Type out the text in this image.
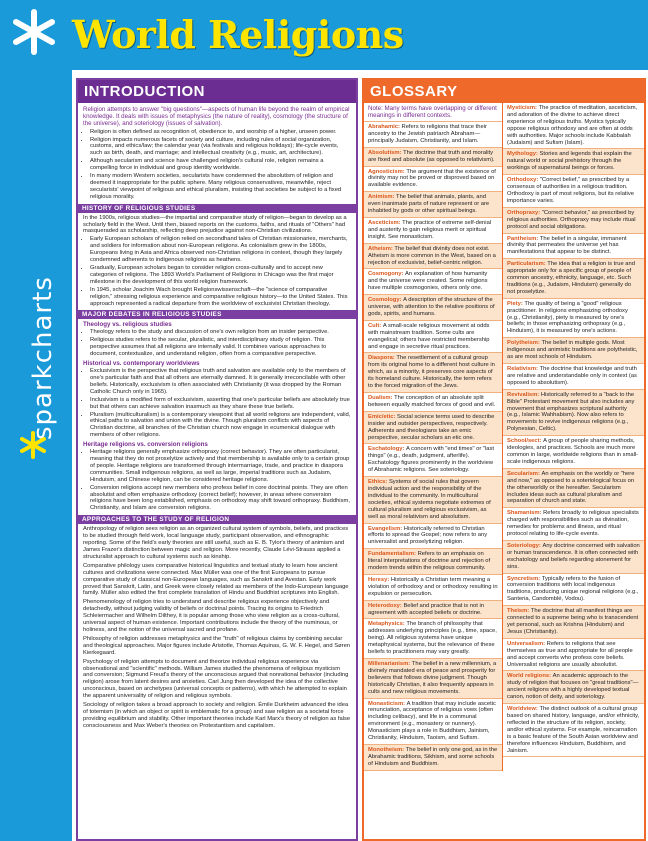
World Religions
sparkcharts
INTRODUCTION

Religion attempts to answer "big questions"—aspects of human life beyond the realm of empirical knowledge. It deals with issues of metaphysics (the nature of reality), cosmology (the structure of the universe), and soteriology (issues of salvation).

• Religion is often defined as recognition of, obedience to, and worship of a higher, unseen power.
• Religion impacts numerous facets of society and culture, including rules of social organization, customs, and ethics/law; the calendar year (via festivals and religious holidays); life-cycle events, such as birth, death, and marriage; and intellectual creativity (e.g., music, art, architecture).
• Although secularism and science have challenged religion's cultural role, religion remains a compelling force in individual and group identity worldwide.
• In many modern Western societies, secularists have condemned the absolutism of religion and deemed it inappropriate for the public sphere. Many religious conservatives, meanwhile, reject secularists' viewpoint of religious and ethical pluralism, insisting that societies be subject to a fixed religious morality.
HISTORY OF RELIGIOUS STUDIES

In the 1900s, religious studies—the impartial and comparative study of religion—began to develop as a scholarly field in the West. Until then, biased reports on the customs, faiths, and rituals of "Others" had masqueraded as scholarship, reflecting deep prejudice against non-Christian civilizations.

• Early European scholars of religion relied on secondhand tales of Christian missionaries, merchants, and soldiers for information about non-European religions. As colonialism grew in the 1800s, Europeans living in Asia and Africa observed non-Christian religions in context, though they largely condemned adherents to indigenous religions as heathens.
• Gradually, European scholars began to consider religion cross-culturally and to accept new categories of religions. The 1893 World's Parliament of Religions in Chicago was the first major milestone in the development of this world religion framework.
• In 1945, scholar Joachim Wach brought Religionswissenschaft—the "science of comparative religion," stressing religious experience and comparative religious history—to the United States. This approach represented a radical departure from the worldview of exclusivist Christian theology.
MAJOR DEBATES IN RELIGIOUS STUDIES
Theology vs. religious studies
• Theology refers to the study and discussion of one's own religion from an insider perspective.
• Religious studies refers to the secular, pluralistic, and interdisciplinary study of religion. This perspective assumes that all religions are internally valid. It combines various approaches to document, contextualize, and understand religion, often from a comparative perspective.
Historical vs. contemporary worldviews
• Exclusivism is the perspective that religious truth and salvation are available only to the members of one's particular faith and that all others are eternally damned. It is generally irreconcilable with other beliefs. Historically, exclusivism is often associated with Christianity (it was dropped by the Roman Catholic Church only in 1965).
• Inclusivism is a modified form of exclusivism, asserting that one's particular beliefs are absolutely true but that others can achieve salvation inasmuch as they share these true beliefs.
• Pluralism (multiculturalism) is a contemporary viewpoint that all world religions are independent, valid, ethical paths to salvation and union with the divine. Though pluralism conflicts with aspects of Christian doctrine, all branches of the Christian church now engage in ecumenical dialogue with members of other religions.
Heritage religions vs. conversion religions
• Heritage religions generally emphasize orthopraxy (correct behavior). They are often particularist, meaning that they do not proselytize actively and that membership is available only to a certain group of people. Heritage religions are transformed through intermarriage, trade, and practice in diaspora communities. Small indigenous religions, as well as large, imperial traditions such as Judaism, Hinduism, and Chinese religion, can be considered heritage religions.
• Conversion religions accept new members who profess belief in core doctrinal points. They are often absolutist and often emphasize orthodoxy (correct belief); however, in areas where conversion religions have been long established, emphasis on orthodoxy may shift toward orthopraxy. Buddhism, Christianity, and Islam are conversion religions.
APPROACHES TO THE STUDY OF RELIGION

Anthropology of religion sees religion as an organized cultural system of symbols, beliefs, and practices to be studied through field work, local language study, participant observation, and ethnographic reporting. Some of the field's early theories are still useful, such as E. B. Tylor's theory of animism and James Frazer's distinction between magic and religion. More recently, Claude Lévi-Strauss applied a structuralist approach to cultural systems such as kinship.

Comparative philology uses comparative historical linguistics and textual study to learn how ancient cultures and civilizations were connected. Max Müller was one of the first Europeans to pursue comparative study of classical non-European languages, such as Sanskrit and Avestan. Early work proved that Sanskrit, Latin, and Greek were closely related as members of the Indo-European language family. Müller also edited the first complete translation of Hindu and Buddhist scriptures into English.

Phenomenology of religion tries to understand and describe religious experience objectively and detachedly, without judging validity of beliefs or doctrinal points. Tracing its origins to Friedrich Schleiermacher and Wilhelm Dilthey, it is popular among those who view religion as a cross-cultural, universal aspect of human existence. Important contributions include the theory of the numinous, or holiness, and the notion of the universal sacred and profane.

Philosophy of religion addresses metaphysics and the "truth" of religious claims by combining secular and theological approaches. Major figures include Aristotle, Thomas Aquinas, G. W. F. Hegel, and Søren Kierkegaard.

Psychology of religion attempts to document and theorize individual religious experience via observational and "scientific" methods. William James studied the phenomena of religious mysticism and conversion; Sigmund Freud's theory of the unconscious argued that nonrational behavior (including religion) arose from latent desires and anxieties. Carl Jung then developed the idea of the collective unconscious, based on archetypes (universal concepts or patterns), with which he attempted to explain the apparent universality of religion and religious symbols.

Sociology of religion takes a broad approach to society and religion. Émile Durkheim advanced the idea of totemism (in which an object or spirit is emblematic for a group) and saw religion as a societal force providing equilibrium and stability. Other important theories include Karl Marx's theory of religion as false consciousness and Max Weber's theories on Protestantism and capitalism.

GLOSSARY
Note: Many terms have overlapping or different meanings in different contexts.
Abrahamic: Refers to religions that trace their ancestry to the Jewish patriarch Abraham—principally Judaism, Christianity, and Islam.
Absolutism: The doctrine that truth and morality are fixed and absolute (as opposed to relativism).
Agnosticism: The argument that the existence of divinity may not be proved or disproved based on available evidence.
Animism: The belief that animals, plants, and even inanimate parts of nature represent or are inhabited by gods or other spiritual beings.
Asceticism: The practice of extreme self-denial and austerity to gain religious merit or spiritual insight. See monasticism.
Atheism: The belief that divinity does not exist. Atheism is more common in the West, based on a rejection of exclusivist, belief-centric religion.
Cosmogony: An explanation of how humanity and the universe were created. Some religions have multiple cosmogonies, others only one.
Cosmology: A description of the structure of the universe, with attention to the relative positions of gods, spirits, and humans.
Cult: A small-scale religious movement at odds with mainstream tradition. Some cults are evangelical; others have restricted membership and engage in secretive ritual practices.
Diaspora: The resettlement of a cultural group from its original home to a different host culture in which, as a minority, it preserves core aspects of its homeland culture. Historically, the term refers to the forced migration of the Jews.
Dualism: The conception of an absolute split between equally matched forces of good and evil.
Emic/etic: Social science terms used to describe insider and outsider perspectives, respectively. Adherents and theologians take an emic perspective, secular scholars an etic one.
Eschatology: A concern with "end times" or "last things" (e.g., death, judgment, afterlife). Eschatology figures prominently in the worldview of Abrahamic religions. See soteriology.
Ethics: Systems of social rules that govern individual action and the responsibility of the individual to the community. In multicultural societies, ethical systems negotiate extremes of cultural pluralism and religious exclusivism, as well as moral relativism and absolutism.
Evangelism: Historically referred to Christian efforts to spread the Gospel; now refers to any universalist and proselytizing religion.
Fundamentalism: Refers to an emphasis on literal interpretations of doctrine and rejection of modern trends within the religious community.
Heresy: Historically a Christian term meaning a violation of orthodoxy and or orthodoxy resulting in expulsion or persecution.
Heterodoxy: Belief and practice that is not in agreement with accepted beliefs or doctrine.
Metaphysics: The branch of philosophy that addresses underlying principles (e.g., time, space, being). All religious systems have unique metaphysical systems, but the relevance of these beliefs to practitioners may vary greatly.
Millenarianism: The belief in a new millennium, a divinely mandated era of peace and prosperity for believers that follows divine judgment. Though historically Christian, it also frequently appears in cults and new religious movements.
Monasticism: A tradition that may include ascetic renunciation, acceptance of religious vows (often including celibacy), and life in a communal environment (e.g., monastery or nunnery). Monasticism plays a role in Buddhism, Jainism, Christianity, Hinduism, Taoism, and Sufism.
Monotheism: The belief in only one god, as in the Abrahamic traditions, Sikhism, and some schools of Hinduism and Buddhism.
Mysticism: The practice of meditation, asceticism, and adoration of the divine to achieve direct experience of religious truths. Mystics typically oppose religious orthodoxy and are often at odds with authorities. Major schools include Kabbalah (Judaism) and Sufism (Islam).
Mythology: Stories and legends that explain the natural world or social prehistory through the workings of supernatural beings or forces.
Orthodoxy: "Correct belief," as prescribed by a consensus of authorities in a religious tradition. Orthodoxy is part of most religions, but its relative importance varies.
Orthopraxy: "Correct behavior," as prescribed by religious authorities. Orthopraxy may include ritual protocol and social obligations.
Pantheism: The belief in a singular, immanent divinity that permeates the universe yet has manifestations that appear to be distinct.
Particularism: The idea that a religion is true and appropriate only for a specific group of people of common ancestry, ethnicity, language, etc. Such traditions (e.g., Judaism, Hinduism) generally do not proselytize.
Piety: The quality of being a "good" religious practitioner. In religions emphasizing orthodoxy (e.g., Christianity), piety is measured by one's beliefs; in those emphasizing orthopraxy (e.g., Hinduism), it is measured by one's actions.
Polytheism: The belief in multiple gods. Most indigenous and animistic traditions are polytheistic, as are most schools of Hinduism.
Relativism: The doctrine that knowledge and truth are relative and understandable only in context (as opposed to absolutism).
Revivalism: Historically referred to a "back to the Bible" Protestant movement but also includes any movement that emphasizes scriptural authority (e.g., Islamic Wahhabism). Now also refers to movements to revive indigenous religions (e.g., Polynesian, Celtic).
School/sect: A group of people sharing methods, ideologies, and practices. Schools are much more common in large, worldwide religions than in small-scale indigenous religions.
Secularism: An emphasis on the worldly or "here and now," as opposed to a soteriological focus on the otherworldly or the hereafter. Secularism includes ideas such as cultural pluralism and separation of church and state.
Shamanism: Refers broadly to religious specialists charged with responsibilities such as divination, remedies for problems and illness, and ritual protocol relating to life-cycle events.
Soteriology: Any doctrine concerned with salvation or human transcendence. It is often connected with eschatology and beliefs regarding atonement for sins.
Syncretism: Typically refers to the fusion of conversion traditions with local indigenous traditions, producing unique regional religions (e.g., Santeria, Candomblé, Vodou).
Theism: The doctrine that all manifest things are connected to a supreme being who is transcendent yet personal, such as Krishna (Hinduism) and Jesus (Christianity).
Universalism: Refers to religions that see themselves as true and appropriate for all people and accept converts who profess core beliefs. Universalist religions are usually absolutist.
World religions: An academic approach to the study of religion that focuses on "great traditions"—ancient religions with a highly developed textual canon, notion of deity, and soteriology.
Worldview: The distinct outlook of a cultural group based on shared history, language, and/or ethnicity, reflected in the structure of its religion, society, and/or ethical systems. For example, reincarnation is a basic feature of the South Asian worldview and therefore influences Hinduism, Buddhism, and Jainism.
